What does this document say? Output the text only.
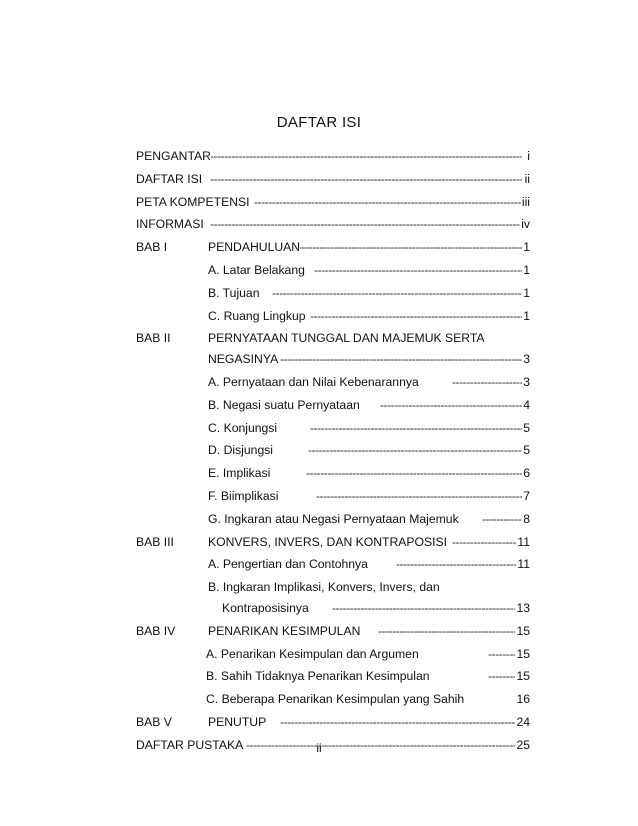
DAFTAR ISI
-----
PENGANTAR	i
-----
DAFTAR ISI	ii
-----
PETA KOMPETENSI	iii
-----
INFORMASI	iv
-----
BAB I	PENDAHULUAN	1
-----
A. Latar Belakang	1
-----
B. Tujuan	1
-----
C. Ruang Lingkup	1
BAB II	PERNYATAAN TUNGGAL DAN MAJEMUK SERTA
-----
NEGASINYA	3
-----
A. Pernyataan dan Nilai Kebenarannya	3
-----
B. Negasi suatu Pernyataan	4
-----
C. Konjungsi	5
-----
D. Disjungsi	5
-----
E. Implikasi	6
-----
F. Biimplikasi	7
-----
G. Ingkaran atau Negasi Pernyataan Majemuk	8
-----
BAB III	KONVERS, INVERS, DAN KONTRAPOSISI	11
-----
A. Pengertian dan Contohnya	11
B. Ingkaran Implikasi, Konvers, Invers, dan
-----
Kontraposisinya	13
-----
BAB IV	PENARIKAN KESIMPULAN	15
-----
A. Penarikan Kesimpulan dan Argumen	15
-----
B. Sahih Tidaknya Penarikan Kesimpulan	15
C. Beberapa Penarikan Kesimpulan yang Sahih	16
-----
BAB V	PENUTUP	24
-----
DAFTAR PUSTAKA	25
ii
